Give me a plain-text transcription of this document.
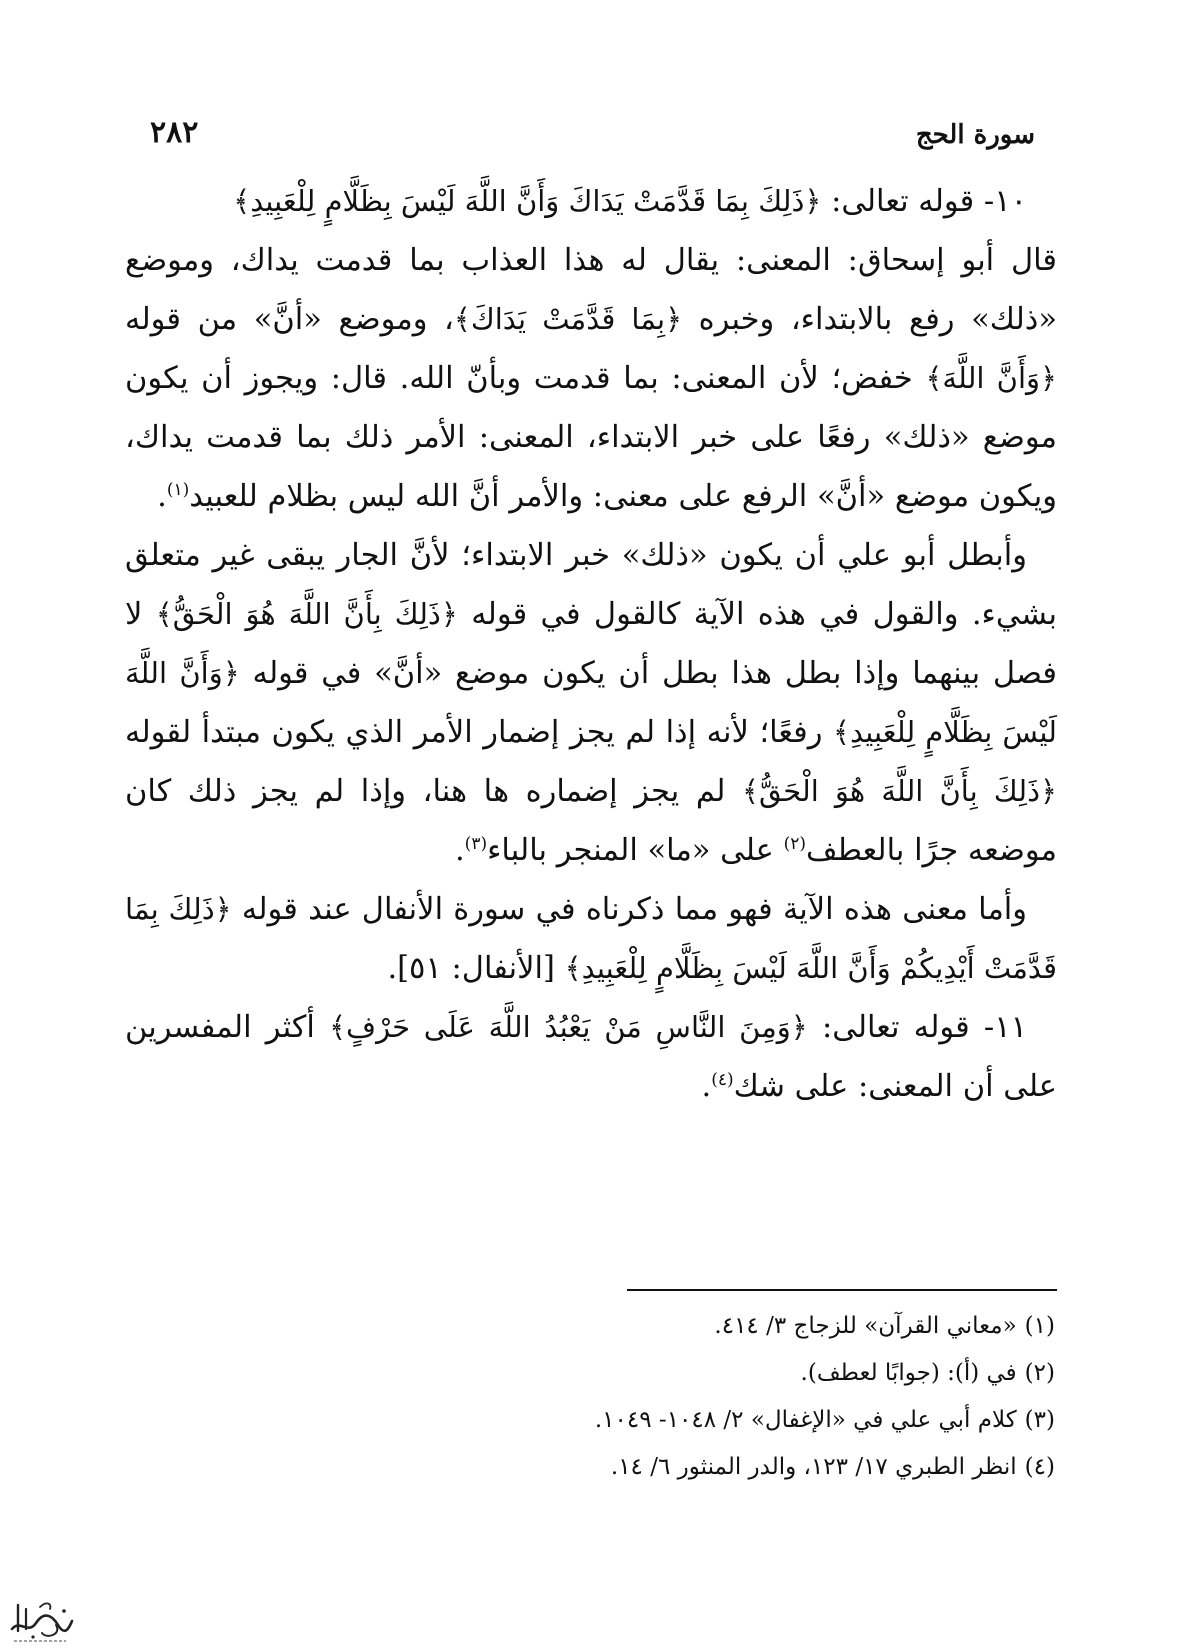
سورة الحج
٢٨٢

١٠- قوله تعالى: ﴿ذَلِكَ بِمَا قَدَّمَتْ يَدَاكَ وَأَنَّ اللَّهَ لَيْسَ بِظَلَّامٍ لِلْعَبِيدِ﴾

قال أبو إسحاق: المعنى: يقال له هذا العذاب بما قدمت يداك، وموضع «ذلك» رفع بالابتداء، وخبره ﴿بِمَا قَدَّمَتْ يَدَاكَ﴾، وموضع «أنَّ» من قوله ﴿وَأَنَّ اللَّهَ﴾ خفض؛ لأن المعنى: بما قدمت وبأنّ الله. قال: ويجوز أن يكون موضع «ذلك» رفعًا على خبر الابتداء، المعنى: الأمر ذلك بما قدمت يداك، ويكون موضع «أنَّ» الرفع على معنى: والأمر أنَّ الله ليس بظلام للعبيد$^{(١)}$.

وأبطل أبو علي أن يكون «ذلك» خبر الابتداء؛ لأنَّ الجار يبقى غير متعلق بشيء. والقول في هذه الآية كالقول في قوله ﴿ذَلِكَ بِأَنَّ اللَّهَ هُوَ الْحَقُّ﴾ لا فصل بينهما وإذا بطل هذا بطل أن يكون موضع «أنَّ» في قوله ﴿وَأَنَّ اللَّهَ لَيْسَ بِظَلَّامٍ لِلْعَبِيدِ﴾ رفعًا؛ لأنه إذا لم يجز إضمار الأمر الذي يكون مبتدأ لقوله ﴿ذَلِكَ بِأَنَّ اللَّهَ هُوَ الْحَقُّ﴾ لم يجز إضماره ها هنا، وإذا لم يجز ذلك كان موضعه جرًا بالعطف$^{(٢)}$ على «ما» المنجر بالباء$^{(٣)}$.

وأما معنى هذه الآية فهو مما ذكرناه في سورة الأنفال عند قوله ﴿ذَلِكَ بِمَا قَدَّمَتْ أَيْدِيكُمْ وَأَنَّ اللَّهَ لَيْسَ بِظَلَّامٍ لِلْعَبِيدِ﴾ [الأنفال: ٥١].

١١- قوله تعالى: ﴿وَمِنَ النَّاسِ مَنْ يَعْبُدُ اللَّهَ عَلَى حَرْفٍ﴾ أكثر المفسرين على أن المعنى: على شك$^{(٤)}$.

(١)«معاني القرآن» للزجاج ٣/ ٤١٤.
(٢)في (أ): (جوابًا لعطف).
(٣)كلام أبي علي في «الإغفال» ٢/ ١٠٤٨- ١٠٤٩.
(٤)انظر الطبري ١٧/ ١٢٣، والدر المنثور ٦/ ١٤.
